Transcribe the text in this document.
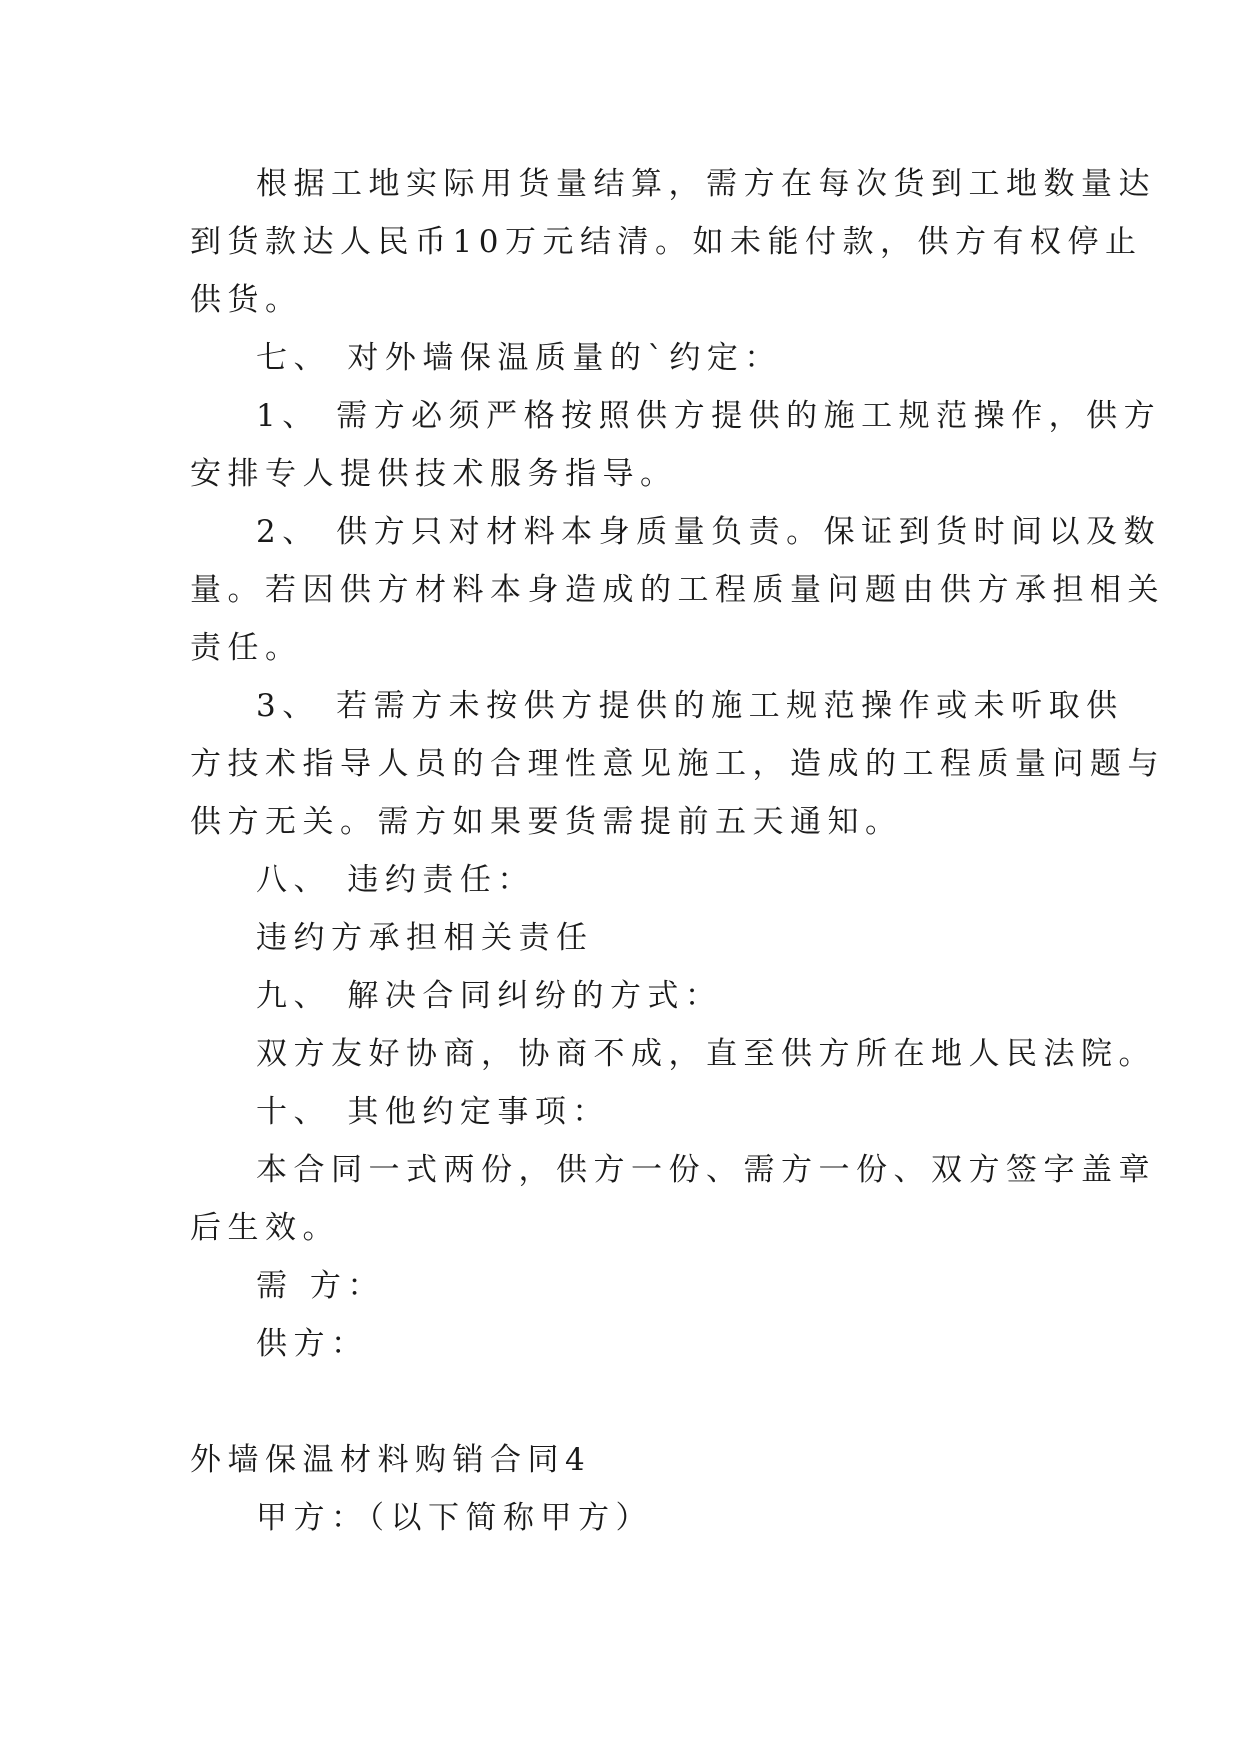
根据工地实际用货量结算，需方在每次货到工地数量达
到货款达人民币10万元结清。如未能付款，供方有权停止
供货。
七、 对外墙保温质量的`约定：
1、 需方必须严格按照供方提供的施工规范操作，供方
安排专人提供技术服务指导。
2、 供方只对材料本身质量负责。保证到货时间以及数
量。若因供方材料本身造成的工程质量问题由供方承担相关
责任。
3、 若需方未按供方提供的施工规范操作或未听取供
方技术指导人员的合理性意见施工，造成的工程质量问题与
供方无关。需方如果要货需提前五天通知。
八、 违约责任：
违约方承担相关责任
九、 解决合同纠纷的方式：
双方友好协商，协商不成，直至供方所在地人民法院。
十、 其他约定事项：
本合同一式两份，供方一份、需方一份、双方签字盖章
后生效。
需 方：
供方：
外墙保温材料购销合同4
甲方：（以下简称甲方）
